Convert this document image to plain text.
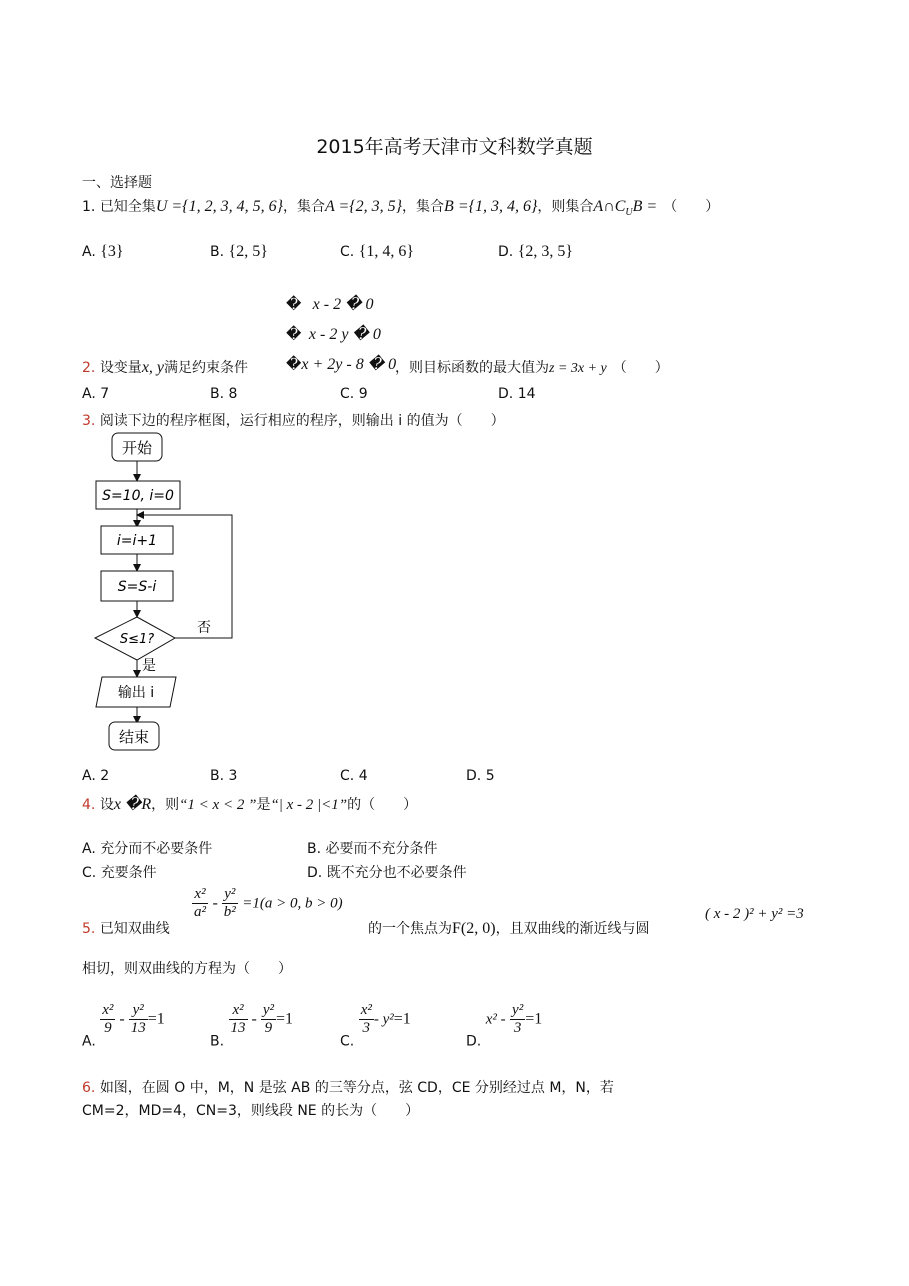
2015年高考天津市文科数学真题
一、选择题
1. 已知全集U ={1, 2, 3, 4, 5, 6}，集合A ={2, 3, 5}，集合B ={1, 3, 4, 6}，则集合$A\cap C_UB$ = （　　）
A. {3}	B. {2, 5}	C. {1, 4, 6}	D. {2, 3, 5}
� x - 2 � 0
� x - 2 y � 0
�x + 2y - 8 � 0
2. 设变量x, y满足约束条件	，则目标函数的最大值为z = 3x + y （　　）
A. 7	B. 8	C. 9	D. 14
3. 阅读下边的程序框图，运行相应的程序，则输出 i 的值为（　　）
开始
S=10, i=0
i=i+1
S=S-i
S≤1?
否
是
输出 i
结束
A. 2	B. 3	C. 4	D. 5
4. 设x �R，则“1 < x < 2 ”是“| x - 2 |<1”的（　　）
A. 充分而不必要条件	B. 必要而不充分条件
C. 充要条件	D. 既不充分也不必要条件
5. 已知双曲线
$\frac{\text{x²}}{\text{a²}} - \frac{\text{y²}}{\text{b²}} =1(a > 0$, b > 0)
的一个焦点为F(2, 0)，且双曲线的渐近线与圆
( x - 2 )² + y² =3
相切，则双曲线的方程为（　　）
A.
$\frac{\text{x²}}{9} - \frac{\text{y²}}{13} =1$
B.
$\frac{\text{x²}}{13} - \frac{\text{y²}}{9} =1$
C.
$\frac{\text{x²}}{3} - y^2=1$
D. $x^2 - \frac{\text{y²}}{3} =1$
6. 如图，在圆 O 中，M，N 是弦 AB 的三等分点，弦 CD，CE 分别经过点 M，N，若
CM=2，MD=4，CN=3，则线段 NE 的长为（　　）
